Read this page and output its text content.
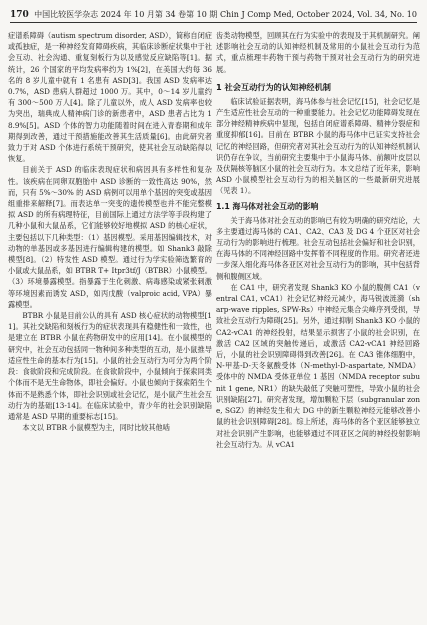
170 中国比较医学杂志 2024 年 10 月第 34 卷第 10 期 Chin J Comp Med, October 2024, Vol. 34, No. 10

症谱系障碍（autism spectrum disorder, ASD），简称自闭症或孤独症，是一种神经发育障碍疾病，其临床诊断症状集中于社会互动、社会沟通、重复刻板行为以及感觉反应缺陷等[1]。据统计，26 个国家的平均发病率约为 1%[2]，在美国大约每 36 名的 8 岁儿童中就有 1 名患有 ASD[3]。我国 ASD 发病率达 0.7%，ASD 患病人群超过 1000 万。其中，0～14 岁儿童约有 300～500 万人[4]。除了儿童以外，成人 ASD 发病率也较为突出，瑞典成人精神病门诊的新患者中，ASD 患者占比为 18.9%[5]。ASD 个体的智力功能随着时间在进入青春期和成年期得到改善，通过干预措施能改善其生活质量[6]。由此研究者致力于对 ASD 个体进行系统干预研究，使其社会互动缺陷得以恢复。

目前关于 ASD 的临床表现症状和病因具有多样性和复杂性。该疾病在同卵双胞胎中 ASD 诊断的一致性高达 90%，然而，只有 5%～30% 的 ASD 病例可以用单个基因的突变或基因组重排来解释[7]。而表达单一突变的遗传模型也并不能完整模拟 ASD 的所有病理特征，目前国际上通过方法学等手段构建了几种小鼠和大鼠品系，它们能够较好地模拟 ASD 的核心症状，主要包括以下几种类型：（1）基因模型。采用基因编辑技术，对动物的单基因或多基因进行编辑构建的模型。如 Shank3 敲除模型[8]。（2）特发性 ASD 模型。通过行为学实验筛选繁育的小鼠或大鼠品系，如 BTBR T+ Itpr3tf/J（BTBR）小鼠模型。（3）环境暴露模型。指暴露于生化刺激、病毒感染或紧张刺激等环境因素而诱发 ASD，如丙戊酸（valproic acid, VPA）暴露模型。

BTBR 小鼠是目前公认的具有 ASD 核心症状的动物模型[11]。其社交缺陷和刻板行为的症状表现具有稳健性和一致性，也是建立在 BTBR 小鼠在药物研发中的应用[14]。在小鼠模型的研究中，社会互动包括同一物种间多种类型的互动，是小鼠推导适应性生命的基本行为[15]。小鼠的社会互动行为可分为两个阶段：食欲阶段和完成阶段。在食欲阶段中，小鼠倾向于探索同类个体而不是无生命物体，即社会偏好。小鼠也倾向于探索陌生个体而不是熟悉个体，即社会识别或社会记忆，是小鼠产生社会互动行为的基础[13-14]。在临床试验中，青少年的社会识别缺陷通常是 ASD 早期的重要标志[15]。

本文以 BTBR 小鼠模型为主，同时比较其他啮

齿类动物模型，回顾其在行为实验中的表现及于其机制研究。阐述影响社会互动的认知神经机制及常用的小鼠社会互动行为范式，重点梳理丰药物干预与药物干预对社会互动行为的研究进展。

1 社会互动行为的认知神经机制

临床试验证据表明，海马体参与社会记忆[15]，社会记忆是产生适应性社会互动的一种重要能力。社会记忆功能障碍发现在部分神经精神疾病中显现，包括自闭症谱系障碍、精神分裂症和重度抑郁[16]。目前在 BTBR 小鼠的海马体中已证实支持社会记忆的神经回路，但研究者对其社会互动行为的认知神经机制认识仍存在争议，当前研究主要集中于小鼠海马体、前额叶皮层以及伏隔核等脑区小鼠的社会互动行为。本文总结了近年来，影响 ASD 小鼠模型社会互动行为的相关脑区的一些最新研究进展（见表 1）。

1.1 海马体对社会互动的影响

关于海马体对社会互动的影响已有较为明确的研究结论，大多主要通过海马体的 CA1、CA2、CA3 及 DG 4 个亚区对社会互动行为的影响进行梳理。社会互动包括社会偏好和社会识别，在海马体的不同神经回路中发挥着不同程度的作用。研究者还进一步深入细化海马体各亚区对社会互动行为的影响，其中包括背侧和腹侧区域。

在 CA1 中，研究者发现 Shank3 KO 小鼠的腹侧 CA1（ventral CA1, vCA1）社会记忆神经元减少，海马锐波涟漪（sharp-wave ripples, SPW-Rs）中神经元集合尖峰序列受损，导致社会互动行为障碍[25]。另外，通过抑制 Shank3 KO 小鼠的 CA2-vCA1 的神经投射，结果显示损害了小鼠的社会识别，在激活 CA2 区域的突触传递后，或激活 CA2-vCA1 神经回路后，小鼠的社会识别障碍得到改善[26]。在 CA3 锥体细胞中，N-甲基-D-天冬氨酸受体（N-methyl-D-aspartate, NMDA）受体中的 NMDA 受体亚单位 1 基因（NMDA receptor subunit 1 gene, NR1）的缺失敲低了突触可塑性，导致小鼠的社会识别缺陷[27]。研究者发现，增加颗粒下层（subgranular zone, SGZ）的神经发生和大 DG 中的新生颗粒神经元能够改善小鼠的社会识别障碍[28]。综上所述，海马体的各个亚区能够独立对社会识别产生影响，也能够通过不同亚区之间的神经投射影响社会互动行为。从 vCA1
